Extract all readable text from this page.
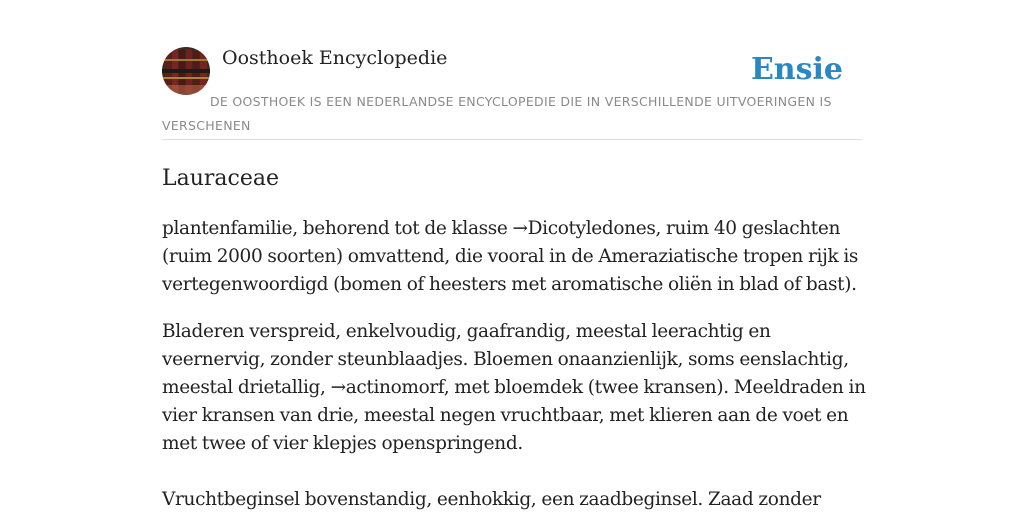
Oosthoek Encyclopedie	Ensie
DE OOSTHOEK IS EEN NEDERLANDSE ENCYCLOPEDIE DIE IN VERSCHILLENDE UITVOERINGEN IS VERSCHENEN
Lauraceae

plantenfamilie, behorend tot de klasse →Dicotyledones, ruim 40 geslachten (ruim 2000 soorten) omvattend, die vooral in de Ameraziatische tropen rijk is vertegenwoordigd (bomen of heesters met aromatische oliën in blad of bast).

Bladeren verspreid, enkelvoudig, gaafrandig, meestal leerachtig en veernervig, zonder steunblaadjes. Bloemen onaanzienlijk, soms eenslachtig, meestal drietallig, →actinomorf, met bloemdek (twee kransen). Meeldraden in vier kransen van drie, meestal negen vruchtbaar, met klieren aan de voet en met twee of vier klepjes openspringend.

Vruchtbeginsel bovenstandig, eenhokkig, een zaadbeginsel. Zaad zonder
